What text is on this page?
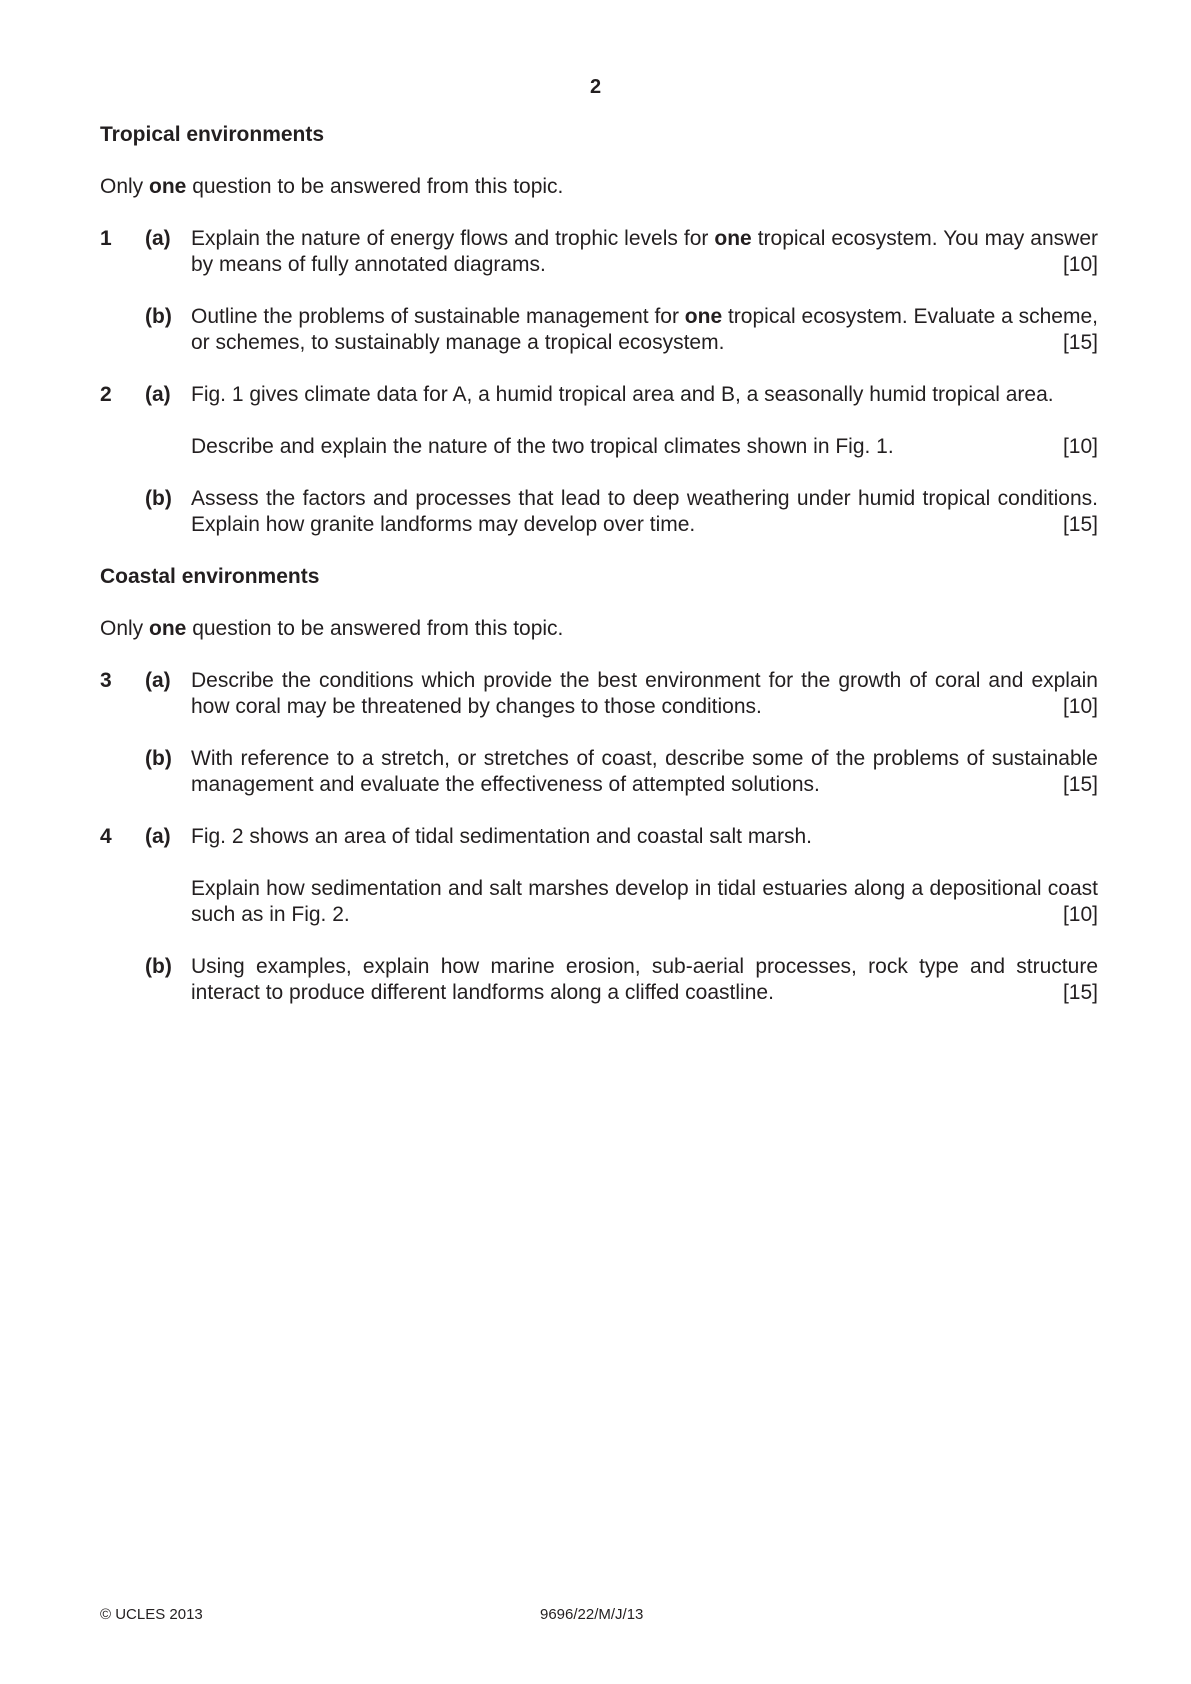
2
Tropical environments

Only one question to be answered from this topic.

1 (a) Explain the nature of energy flows and trophic levels for one tropical ecosystem. You may answer by means of fully annotated diagrams.	[10]

(b) Outline the problems of sustainable management for one tropical ecosystem. Evaluate a scheme, or schemes, to sustainably manage a tropical ecosystem.	[15]

2 (a) Fig. 1 gives climate data for A, a humid tropical area and B, a seasonally humid tropical area.

Describe and explain the nature of the two tropical climates shown in Fig. 1.	[10]

(b) Assess the factors and processes that lead to deep weathering under humid tropical conditions. Explain how granite landforms may develop over time.	[15]

Coastal environments

Only one question to be answered from this topic.

3 (a) Describe the conditions which provide the best environment for the growth of coral and explain how coral may be threatened by changes to those conditions.	[10]

(b) With reference to a stretch, or stretches of coast, describe some of the problems of sustainable management and evaluate the effectiveness of attempted solutions.	[15]

4 (a) Fig. 2 shows an area of tidal sedimentation and coastal salt marsh.

Explain how sedimentation and salt marshes develop in tidal estuaries along a depositional coast such as in Fig. 2.	[10]

(b) Using examples, explain how marine erosion, sub-aerial processes, rock type and structure interact to produce different landforms along a cliffed coastline.	[15]

© UCLES 2013	9696/22/M/J/13
